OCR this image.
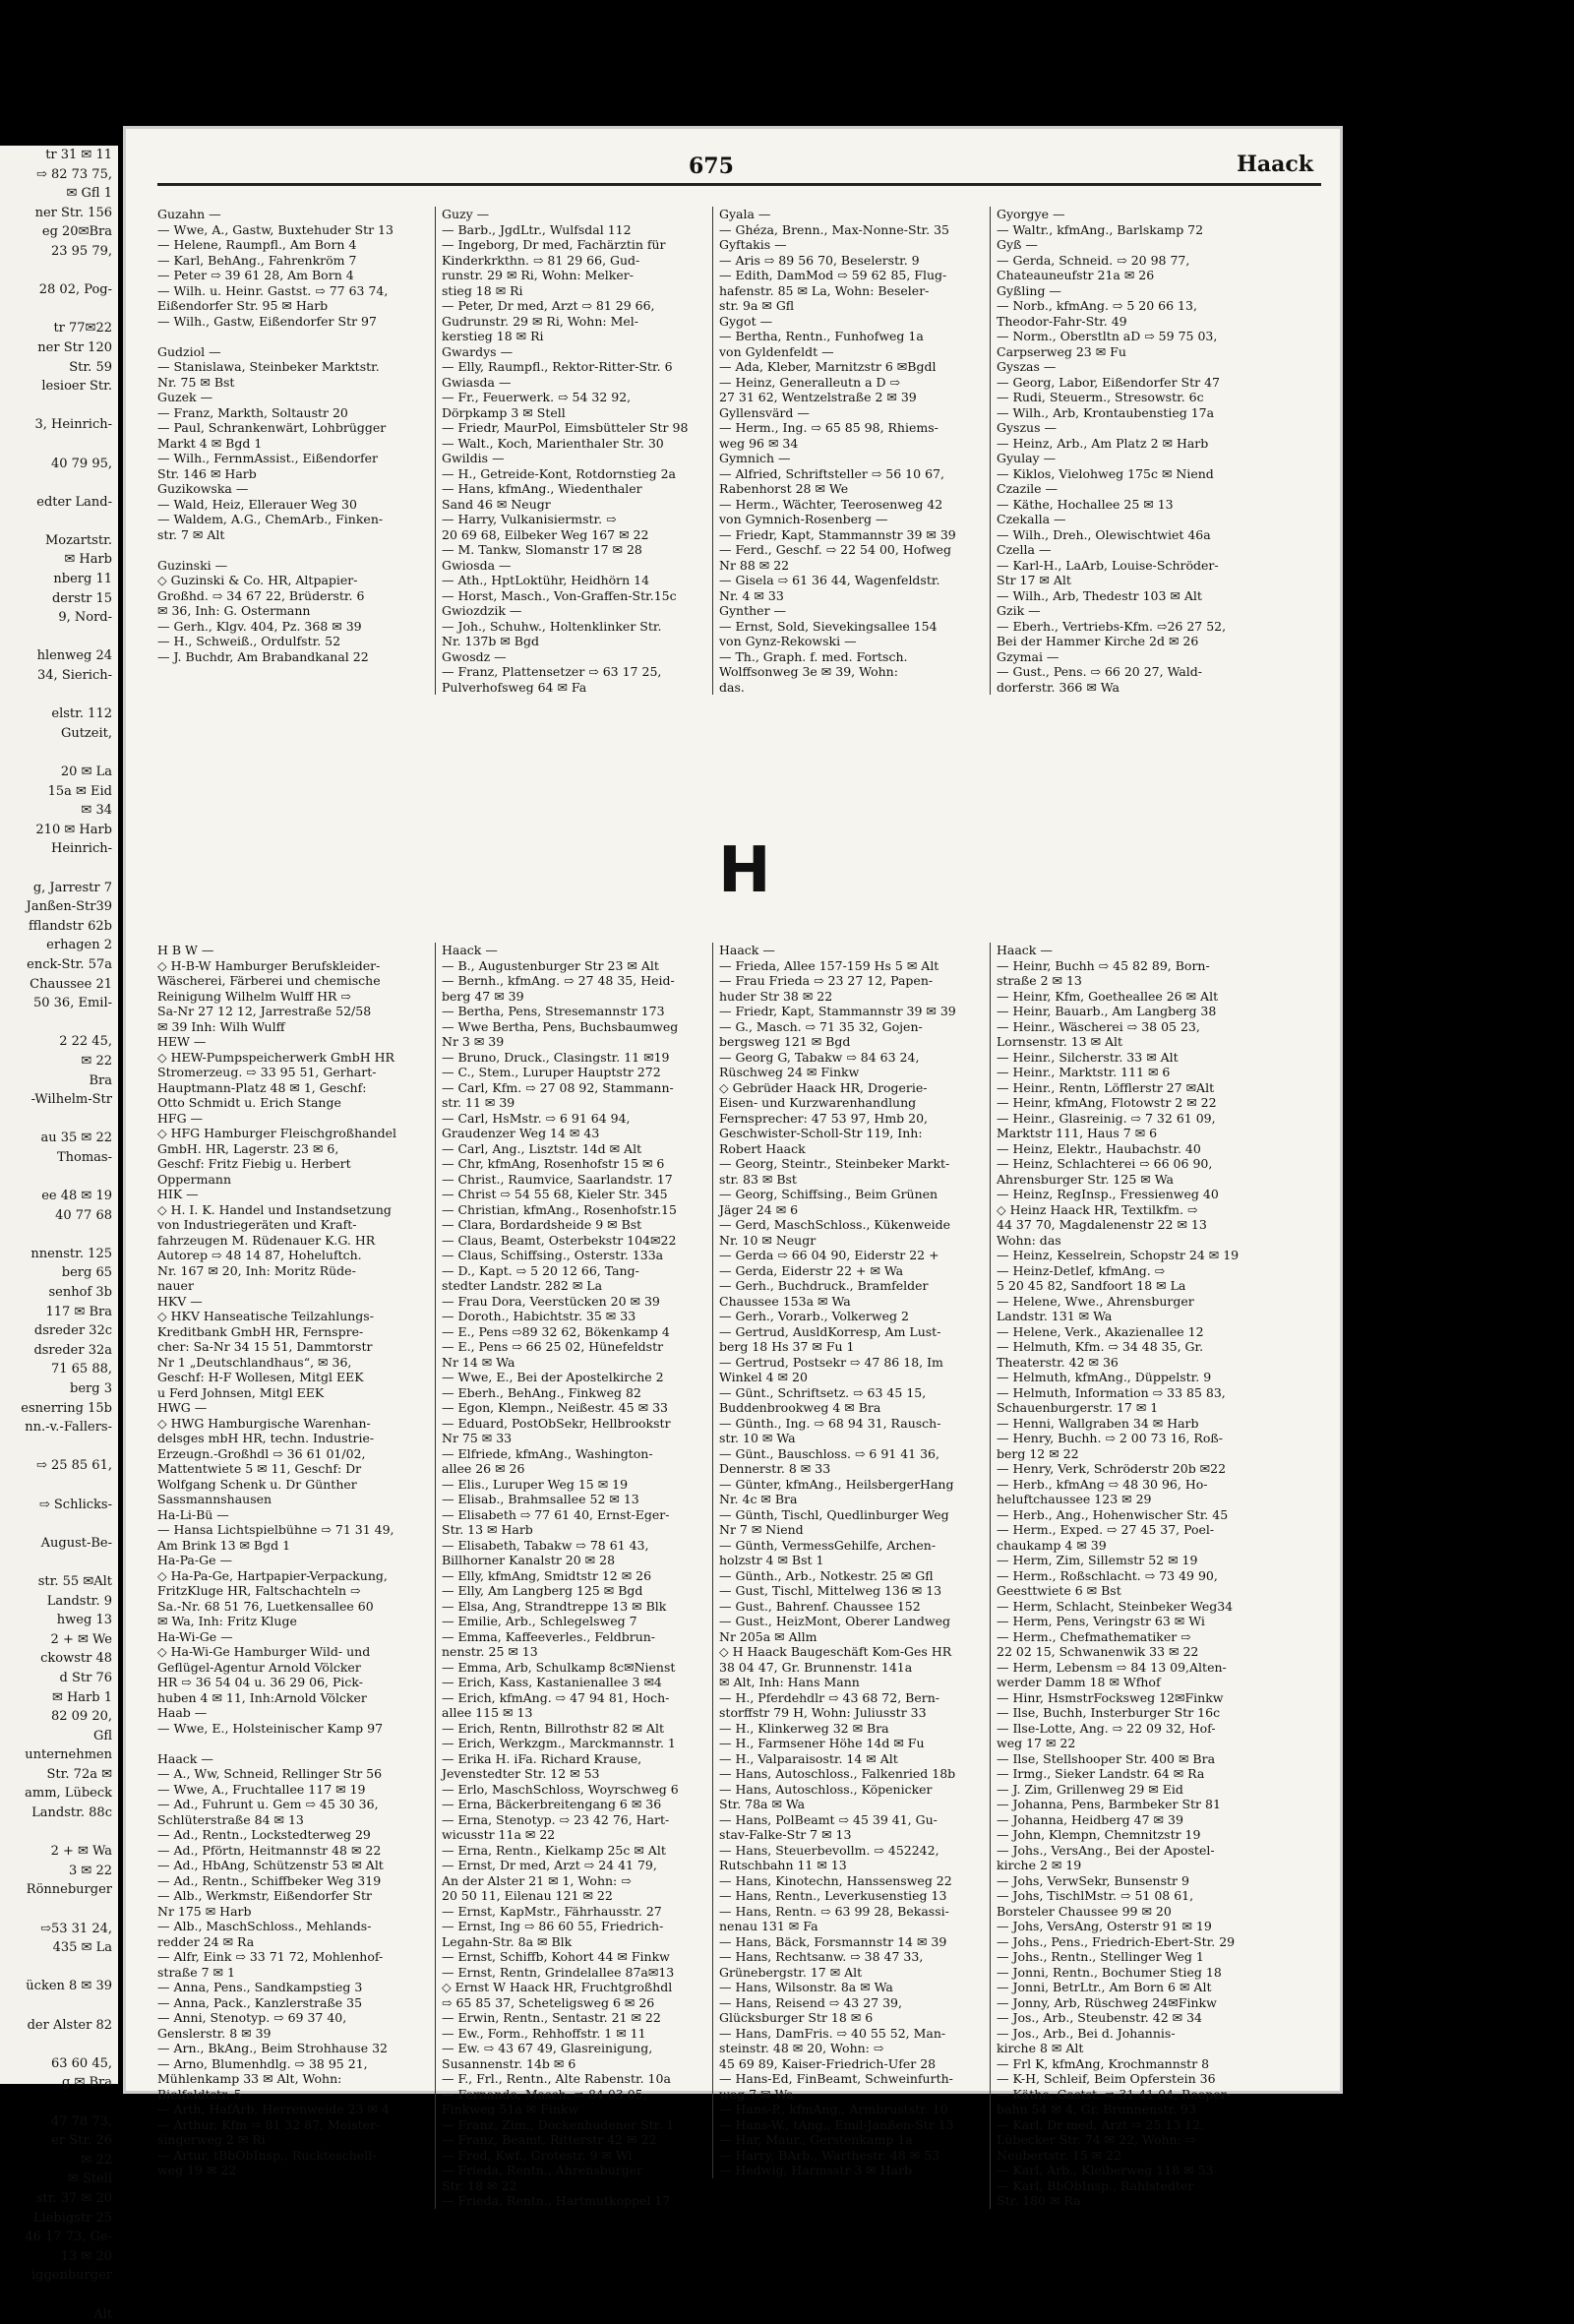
tr 31 ✉ 11
⇨ 82 73 75,
✉ Gfl 1
ner Str. 156
eg 20✉Bra
23 95 79,

28 02, Pog-

tr 77✉22
ner Str 120
Str. 59
lesioer Str.

3, Heinrich-

40 79 95,

edter Land-

Mozartstr.
✉ Harb
nberg 11
derstr 15
9, Nord-

hlenweg 24
34, Sierich-

elstr. 112
Gutzeit,

20 ✉ La
15a ✉ Eid
✉ 34
210 ✉ Harb
Heinrich-

g, Jarrestr 7
Janßen-Str39
fflandstr 62b
erhagen 2
enck-Str. 57a
Chaussee 21
50 36, Emil-

2 22 45,
✉ 22
Bra
-Wilhelm-Str

au 35 ✉ 22
Thomas-

ee 48 ✉ 19
40 77 68

nnenstr. 125
berg 65
senhof 3b
117 ✉ Bra
dsreder 32c
dsreder 32a
71 65 88,
berg 3
esnerring 15b
nn.-v.-Fallers-

⇨ 25 85 61,

⇨ Schlicks-

August-Be-

str. 55 ✉Alt
Landstr. 9
hweg 13
2 + ✉ We
ckowstr 48
d Str 76
✉ Harb 1
82 09 20,
Gfl
unternehmen
Str. 72a ✉
amm, Lübeck
Landstr. 88c

2 + ✉ Wa
3 ✉ 22
Rönneburger

⇨53 31 24,
435 ✉ La

ücken 8 ✉ 39

der Alster 82

63 60 45,
g ✉ Bra

47 78 73,
er Str. 26
✉ 22
✉ Stell
str. 37 ✉ 20
Liebigstr 25
46 17 73, Ge-
13 ✉ 20
iggenburger

Alt
675	Haack
Guzahn —
— Wwe, A., Gastw, Buxtehuder Str 13
— Helene, Raumpfl., Am Born 4
— Karl, BehAng., Fahrenkröm 7
— Peter ⇨ 39 61 28, Am Born 4
— Wilh. u. Heinr. Gastst. ⇨ 77 63 74,
Eißendorfer Str. 95 ✉ Harb
— Wilh., Gastw, Eißendorfer Str 97

Gudziol —
— Stanislawa, Steinbeker Marktstr.
Nr. 75 ✉ Bst
Guzek —
— Franz, Markth, Soltaustr 20
— Paul, Schrankenwärt, Lohbrügger
Markt 4 ✉ Bgd 1
— Wilh., FernmAssist., Eißendorfer
Str. 146 ✉ Harb
Guzikowska —
— Wald, Heiz, Ellerauer Weg 30
— Waldem, A.G., ChemArb., Finken-
str. 7 ✉ Alt

Guzinski —
◇ Guzinski & Co. HR, Altpapier-
Großhd. ⇨ 34 67 22, Brüderstr. 6
✉ 36, Inh: G. Ostermann
— Gerh., Klgv. 404, Pz. 368 ✉ 39
— H., Schweiß., Ordulfstr. 52
— J. Buchdr, Am Brabandkanal 22
Guzy —
— Barb., JgdLtr., Wulfsdal 112
— Ingeborg, Dr med, Fachärztin für
Kinderkrkthn. ⇨ 81 29 66, Gud-
runstr. 29 ✉ Ri, Wohn: Melker-
stieg 18 ✉ Ri
— Peter, Dr med, Arzt ⇨ 81 29 66,
Gudrunstr. 29 ✉ Ri, Wohn: Mel-
kerstieg 18 ✉ Ri
Gwardys —
— Elly, Raumpfl., Rektor-Ritter-Str. 6
Gwiasda —
— Fr., Feuerwerk. ⇨ 54 32 92,
Dörpkamp 3 ✉ Stell
— Friedr, MaurPol, Eimsbütteler Str 98
— Walt., Koch, Marienthaler Str. 30
Gwildis —
— H., Getreide-Kont, Rotdornstieg 2a
— Hans, kfmAng., Wiedenthaler
Sand 46 ✉ Neugr
— Harry, Vulkanisiermstr. ⇨
20 69 68, Eilbeker Weg 167 ✉ 22
— M. Tankw, Slomanstr 17 ✉ 28
Gwiosda —
— Ath., HptLoktühr, Heidhörn 14
— Horst, Masch., Von-Graffen-Str.15c
Gwiozdzik —
— Joh., Schuhw., Holtenklinker Str.
Nr. 137b ✉ Bgd
Gwosdz —
— Franz, Plattensetzer ⇨ 63 17 25,
Pulverhofsweg 64 ✉ Fa
Gyala —
— Ghéza, Brenn., Max-Nonne-Str. 35
Gyftakis —
— Aris ⇨ 89 56 70, Beselerstr. 9
— Edith, DamMod ⇨ 59 62 85, Flug-
hafenstr. 85 ✉ La, Wohn: Beseler-
str. 9a ✉ Gfl
Gygot —
— Bertha, Rentn., Funhofweg 1a
von Gyldenfeldt —
— Ada, Kleber, Marnitzstr 6 ✉Bgdl
— Heinz, Generalleutn a D ⇨
27 31 62, Wentzelstraße 2 ✉ 39
Gyllensvärd —
— Herm., Ing. ⇨ 65 85 98, Rhiems-
weg 96 ✉ 34
Gymnich —
— Alfried, Schriftsteller ⇨ 56 10 67,
Rabenhorst 28 ✉ We
— Herm., Wächter, Teerosenweg 42
von Gymnich-Rosenberg —
— Friedr, Kapt, Stammannstr 39 ✉ 39
— Ferd., Geschf. ⇨ 22 54 00, Hofweg
Nr 88 ✉ 22
— Gisela ⇨ 61 36 44, Wagenfeldstr.
Nr. 4 ✉ 33
Gynther —
— Ernst, Sold, Sievekingsallee 154
von Gynz-Rekowski —
— Th., Graph. f. med. Fortsch.
Wolffsonweg 3e ✉ 39, Wohn:
das.
Gyorgye —
— Waltr., kfmAng., Barlskamp 72
Gyß —
— Gerda, Schneid. ⇨ 20 98 77,
Chateauneufstr 21a ✉ 26
Gyßling —
— Norb., kfmAng. ⇨ 5 20 66 13,
Theodor-Fahr-Str. 49
— Norm., Oberstltn aD ⇨ 59 75 03,
Carpserweg 23 ✉ Fu
Gyszas —
— Georg, Labor, Eißendorfer Str 47
— Rudi, Steuerm., Stresowstr. 6c
— Wilh., Arb, Krontaubenstieg 17a
Gyszus —
— Heinz, Arb., Am Platz 2 ✉ Harb
Gyulay —
— Kiklos, Vielohweg 175c ✉ Niend
Czazile —
— Käthe, Hochallee 25 ✉ 13
Czekalla —
— Wilh., Dreh., Olewischtwiet 46a
Czella —
— Karl-H., LaArb, Louise-Schröder-
Str 17 ✉ Alt
— Wilh., Arb, Thedestr 103 ✉ Alt
Gzik —
— Eberh., Vertriebs-Kfm. ⇨26 27 52,
Bei der Hammer Kirche 2d ✉ 26
Gzymai —
— Gust., Pens. ⇨ 66 20 27, Wald-
dorferstr. 366 ✉ Wa
H
H B W —
◇ H-B-W Hamburger Berufskleider-
Wäscherei, Färberei und chemische
Reinigung Wilhelm Wulff HR ⇨
Sa-Nr 27 12 12, Jarrestraße 52/58
✉ 39 Inh: Wilh Wulff
HEW —
◇ HEW-Pumpspeicherwerk GmbH HR
Stromerzeug. ⇨ 33 95 51, Gerhart-
Hauptmann-Platz 48 ✉ 1, Geschf:
Otto Schmidt u. Erich Stange
HFG —
◇ HFG Hamburger Fleischgroßhandel
GmbH. HR, Lagerstr. 23 ✉ 6,
Geschf: Fritz Fiebig u. Herbert
Oppermann
HIK —
◇ H. I. K. Handel und Instandsetzung
von Industriegeräten und Kraft-
fahrzeugen M. Rüdenauer K.G. HR
Autorep ⇨ 48 14 87, Hoheluftch.
Nr. 167 ✉ 20, Inh: Moritz Rüde-
nauer
HKV —
◇ HKV Hanseatische Teilzahlungs-
Kreditbank GmbH HR, Fernspre-
cher: Sa-Nr 34 15 51, Dammtorstr
Nr 1 „Deutschlandhaus“, ✉ 36,
Geschf: H-F Wollesen, Mitgl EEK
u Ferd Johnsen, Mitgl EEK
HWG —
◇ HWG Hamburgische Warenhan-
delsges mbH HR, techn. Industrie-
Erzeugn.-Großhdl ⇨ 36 61 01/02,
Mattentwiete 5 ✉ 11, Geschf: Dr
Wolfgang Schenk u. Dr Günther
Sassmannshausen
Ha-Li-Bü —
— Hansa Lichtspielbühne ⇨ 71 31 49,
Am Brink 13 ✉ Bgd 1
Ha-Pa-Ge —
◇ Ha-Pa-Ge, Hartpapier-Verpackung,
FritzKluge HR, Faltschachteln ⇨
Sa.-Nr. 68 51 76, Luetkensallee 60
✉ Wa, Inh: Fritz Kluge
Ha-Wi-Ge —
◇ Ha-Wi-Ge Hamburger Wild- und
Geflügel-Agentur Arnold Völcker
HR ⇨ 36 54 04 u. 36 29 06, Pick-
huben 4 ✉ 11, Inh:Arnold Völcker
Haab —
— Wwe, E., Holsteinischer Kamp 97

Haack —
— A., Ww, Schneid, Rellinger Str 56
— Wwe, A., Fruchtallee 117 ✉ 19
— Ad., Fuhrunt u. Gem ⇨ 45 30 36,
Schlüterstraße 84 ✉ 13
— Ad., Rentn., Lockstedterweg 29
— Ad., Pförtn, Heitmannstr 48 ✉ 22
— Ad., HbAng, Schützenstr 53 ✉ Alt
— Ad., Rentn., Schiffbeker Weg 319
— Alb., Werkmstr, Eißendorfer Str
Nr 175 ✉ Harb
— Alb., MaschSchloss., Mehlands-
redder 24 ✉ Ra
— Alfr, Eink ⇨ 33 71 72, Mohlenhof-
straße 7 ✉ 1
— Anna, Pens., Sandkampstieg 3
— Anna, Pack., Kanzlerstraße 35
— Anni, Stenotyp. ⇨ 69 37 40,
Genslerstr. 8 ✉ 39
— Arn., BkAng., Beim Strohhause 32
— Arno, Blumenhdlg. ⇨ 38 95 21,
Mühlenkamp 33 ✉ Alt, Wohn:
Bielfeldtstr. 5
— Arth, HafArb, Herrenweide 23 ✉ 4
— Arthur, Kfm ⇨ 81 32 87, Meister-
singerweg 2 ✉ Ri
— Artur, tBbObInsp., Ruckteschell-
weg 19 ✉ 22
Haack —
— B., Augustenburger Str 23 ✉ Alt
— Bernh., kfmAng. ⇨ 27 48 35, Heid-
berg 47 ✉ 39
— Bertha, Pens, Stresemannstr 173
— Wwe Bertha, Pens, Buchsbaumweg
Nr 3 ✉ 39
— Bruno, Druck., Clasingstr. 11 ✉19
— C., Stem., Luruper Hauptstr 272
— Carl, Kfm. ⇨ 27 08 92, Stammann-
str. 11 ✉ 39
— Carl, HsMstr. ⇨ 6 91 64 94,
Graudenzer Weg 14 ✉ 43
— Carl, Ang., Lisztstr. 14d ✉ Alt
— Chr, kfmAng, Rosenhofstr 15 ✉ 6
— Christ., Raumvice, Saarlandstr. 17
— Christ ⇨ 54 55 68, Kieler Str. 345
— Christian, kfmAng., Rosenhofstr.15
— Clara, Bordardsheide 9 ✉ Bst
— Claus, Beamt, Osterbekstr 104✉22
— Claus, Schiffsing., Osterstr. 133a
— D., Kapt. ⇨ 5 20 12 66, Tang-
stedter Landstr. 282 ✉ La
— Frau Dora, Veerstücken 20 ✉ 39
— Doroth., Habichtstr. 35 ✉ 33
— E., Pens ⇨89 32 62, Bökenkamp 4
— E., Pens ⇨ 66 25 02, Hünefeldstr
Nr 14 ✉ Wa
— Wwe, E., Bei der Apostelkirche 2
— Eberh., BehAng., Finkweg 82
— Egon, Klempn., Neißestr. 45 ✉ 33
— Eduard, PostObSekr, Hellbrookstr
Nr 75 ✉ 33
— Elfriede, kfmAng., Washington-
allee 26 ✉ 26
— Elis., Luruper Weg 15 ✉ 19
— Elisab., Brahmsallee 52 ✉ 13
— Elisabeth ⇨ 77 61 40, Ernst-Eger-
Str. 13 ✉ Harb
— Elisabeth, Tabakw ⇨ 78 61 43,
Billhorner Kanalstr 20 ✉ 28
— Elly, kfmAng, Smidtstr 12 ✉ 26
— Elly, Am Langberg 125 ✉ Bgd
— Elsa, Ang, Strandtreppe 13 ✉ Blk
— Emilie, Arb., Schlegelsweg 7
— Emma, Kaffeeverles., Feldbrun-
nenstr. 25 ✉ 13
— Emma, Arb, Schulkamp 8c✉Nienst
— Erich, Kass, Kastanienallee 3 ✉4
— Erich, kfmAng. ⇨ 47 94 81, Hoch-
allee 115 ✉ 13
— Erich, Rentn, Billrothstr 82 ✉ Alt
— Erich, Werkzgm., Marckmannstr. 1
— Erika H. iFa. Richard Krause,
Jevenstedter Str. 12 ✉ 53
— Erlo, MaschSchloss, Woyrschweg 6
— Erna, Bäckerbreitengang 6 ✉ 36
— Erna, Stenotyp. ⇨ 23 42 76, Hart-
wicusstr 11a ✉ 22
— Erna, Rentn., Kielkamp 25c ✉ Alt
— Ernst, Dr med, Arzt ⇨ 24 41 79,
An der Alster 21 ✉ 1, Wohn: ⇨
20 50 11, Eilenau 121 ✉ 22
— Ernst, KapMstr., Fährhausstr. 27
— Ernst, Ing ⇨ 86 60 55, Friedrich-
Legahn-Str. 8a ✉ Blk
— Ernst, Schiffb, Kohort 44 ✉ Finkw
— Ernst, Rentn, Grindelallee 87a✉13
◇ Ernst W Haack HR, Fruchtgroßhdl
⇨ 65 85 37, Scheteligsweg 6 ✉ 26
— Erwin, Rentn., Sentastr. 21 ✉ 22
— Ew., Form., Rehhoffstr. 1 ✉ 11
— Ew. ⇨ 43 67 49, Glasreinigung,
Susannenstr. 14b ✉ 6
— F., Frl., Rentn., Alte Rabenstr. 10a
— Fernando, Masch. ⇨ 84 03 05,
Finkweg 51a ✉ Finkw
— Franz, Zim., Dockenhudener Str. 1
— Franz, Beamt, Ritterstr 42 ✉ 22
— Fred, Kwf., Grotestr. 9 ✉ Wi
— Frieda, Rentn., Ahrensburger
Str. 18 ✉ 22
— Frieda, Rentn., Hartmutkoppel 17
Haack —
— Frieda, Allee 157-159 Hs 5 ✉ Alt
— Frau Frieda ⇨ 23 27 12, Papen-
huder Str 38 ✉ 22
— Friedr, Kapt, Stammannstr 39 ✉ 39
— G., Masch. ⇨ 71 35 32, Gojen-
bergsweg 121 ✉ Bgd
— Georg G, Tabakw ⇨ 84 63 24,
Rüschweg 24 ✉ Finkw
◇ Gebrüder Haack HR, Drogerie-
Eisen- und Kurzwarenhandlung
Fernsprecher: 47 53 97, Hmb 20,
Geschwister-Scholl-Str 119, Inh:
Robert Haack
— Georg, Steintr., Steinbeker Markt-
str. 83 ✉ Bst
— Georg, Schiffsing., Beim Grünen
Jäger 24 ✉ 6
— Gerd, MaschSchloss., Kükenweide
Nr. 10 ✉ Neugr
— Gerda ⇨ 66 04 90, Eiderstr 22 +
— Gerda, Eiderstr 22 + ✉ Wa
— Gerh., Buchdruck., Bramfelder
Chaussee 153a ✉ Wa
— Gerh., Vorarb., Volkerweg 2
— Gertrud, AusldKorresp, Am Lust-
berg 18 Hs 37 ✉ Fu 1
— Gertrud, Postsekr ⇨ 47 86 18, Im
Winkel 4 ✉ 20
— Günt., Schriftsetz. ⇨ 63 45 15,
Buddenbrookweg 4 ✉ Bra
— Günth., Ing. ⇨ 68 94 31, Rausch-
str. 10 ✉ Wa
— Günt., Bauschloss. ⇨ 6 91 41 36,
Dennerstr. 8 ✉ 33
— Günter, kfmAng., HeilsbergerHang
Nr. 4c ✉ Bra
— Günth, Tischl, Quedlinburger Weg
Nr 7 ✉ Niend
— Günth, VermessGehilfe, Archen-
holzstr 4 ✉ Bst 1
— Günth., Arb., Notkestr. 25 ✉ Gfl
— Gust, Tischl, Mittelweg 136 ✉ 13
— Gust., Bahrenf. Chaussee 152
— Gust., HeizMont, Oberer Landweg
Nr 205a ✉ Allm
◇ H Haack Baugeschäft Kom-Ges HR
38 04 47, Gr. Brunnenstr. 141a
✉ Alt, Inh: Hans Mann
— H., Pferdehdlr ⇨ 43 68 72, Bern-
storffstr 79 H, Wohn: Juliusstr 33
— H., Klinkerweg 32 ✉ Bra
— H., Farmsener Höhe 14d ✉ Fu
— H., Valparaisostr. 14 ✉ Alt
— Hans, Autoschloss., Falkenried 18b
— Hans, Autoschloss., Köpenicker
Str. 78a ✉ Wa
— Hans, PolBeamt ⇨ 45 39 41, Gu-
stav-Falke-Str 7 ✉ 13
— Hans, Steuerbevollm. ⇨ 452242,
Rutschbahn 11 ✉ 13
— Hans, Kinotechn, Hanssensweg 22
— Hans, Rentn., Leverkusenstieg 13
— Hans, Rentn. ⇨ 63 99 28, Bekassi-
nenau 131 ✉ Fa
— Hans, Bäck, Forsmannstr 14 ✉ 39
— Hans, Rechtsanw. ⇨ 38 47 33,
Grünebergstr. 17 ✉ Alt
— Hans, Wilsonstr. 8a ✉ Wa
— Hans, Reisend ⇨ 43 27 39,
Glücksburger Str 18 ✉ 6
— Hans, DamFris. ⇨ 40 55 52, Man-
steinstr. 48 ✉ 20, Wohn: ⇨
45 69 89, Kaiser-Friedrich-Ufer 28
— Hans-Ed, FinBeamt, Schweinfurth-
weg 7 ✉ Wa
— Hans-P., kfmAng., Armbruststr. 10
— Hans-W., tAng., Emil-Janßen-Str 13
— Har, Maur., Gerstenkamp 1a
— Harry, BArb., Warthestr. 48 ✉ 53
— Hedwig, Harmsstr 3 ✉ Harb
Haack —
— Heinr, Buchh ⇨ 45 82 89, Born-
straße 2 ✉ 13
— Heinr, Kfm, Goetheallee 26 ✉ Alt
— Heinr, Bauarb., Am Langberg 38
— Heinr., Wäscherei ⇨ 38 05 23,
Lornsenstr. 13 ✉ Alt
— Heinr., Silcherstr. 33 ✉ Alt
— Heinr., Marktstr. 111 ✉ 6
— Heinr., Rentn, Löfflerstr 27 ✉Alt
— Heinr, kfmAng, Flotowstr 2 ✉ 22
— Heinr., Glasreinig. ⇨ 7 32 61 09,
Marktstr 111, Haus 7 ✉ 6
— Heinz, Elektr., Haubachstr. 40
— Heinz, Schlachterei ⇨ 66 06 90,
Ahrensburger Str. 125 ✉ Wa
— Heinz, RegInsp., Fressienweg 40
◇ Heinz Haack HR, Textilkfm. ⇨
44 37 70, Magdalenenstr 22 ✉ 13
Wohn: das
— Heinz, Kesselrein, Schopstr 24 ✉ 19
— Heinz-Detlef, kfmAng. ⇨
5 20 45 82, Sandfoort 18 ✉ La
— Helene, Wwe., Ahrensburger
Landstr. 131 ✉ Wa
— Helene, Verk., Akazienallee 12
— Helmuth, Kfm. ⇨ 34 48 35, Gr.
Theaterstr. 42 ✉ 36
— Helmuth, kfmAng., Düppelstr. 9
— Helmuth, Information ⇨ 33 85 83,
Schauenburgerstr. 17 ✉ 1
— Henni, Wallgraben 34 ✉ Harb
— Henry, Buchh. ⇨ 2 00 73 16, Roß-
berg 12 ✉ 22
— Henry, Verk, Schröderstr 20b ✉22
— Herb., kfmAng ⇨ 48 30 96, Ho-
heluftchaussee 123 ✉ 29
— Herb., Ang., Hohenwischer Str. 45
— Herm., Exped. ⇨ 27 45 37, Poel-
chaukamp 4 ✉ 39
— Herm, Zim, Sillemstr 52 ✉ 19
— Herm., Roßschlacht. ⇨ 73 49 90,
Geesttwiete 6 ✉ Bst
— Herm, Schlacht, Steinbeker Weg34
— Herm, Pens, Veringstr 63 ✉ Wi
— Herm., Chefmathematiker ⇨
22 02 15, Schwanenwik 33 ✉ 22
— Herm, Lebensm ⇨ 84 13 09,Alten-
werder Damm 18 ✉ Wfhof
— Hinr, HsmstrFocksweg 12✉Finkw
— Ilse, Buchh, Insterburger Str 16c
— Ilse-Lotte, Ang. ⇨ 22 09 32, Hof-
weg 17 ✉ 22
— Ilse, Stellshooper Str. 400 ✉ Bra
— Irmg., Sieker Landstr. 64 ✉ Ra
— J. Zim, Grillenweg 29 ✉ Eid
— Johanna, Pens, Barmbeker Str 81
— Johanna, Heidberg 47 ✉ 39
— John, Klempn, Chemnitzstr 19
— Johs., VersAng., Bei der Apostel-
kirche 2 ✉ 19
— Johs, VerwSekr, Bunsenstr 9
— Johs, TischlMstr. ⇨ 51 08 61,
Borsteler Chaussee 99 ✉ 20
— Johs, VersAng, Osterstr 91 ✉ 19
— Johs., Pens., Friedrich-Ebert-Str. 29
— Johs., Rentn., Stellinger Weg 1
— Jonni, Rentn., Bochumer Stieg 18
— Jonni, BetrLtr., Am Born 6 ✉ Alt
— Jonny, Arb, Rüschweg 24✉Finkw
— Jos., Arb., Steubenstr. 42 ✉ 34
— Jos., Arb., Bei d. Johannis-
kirche 8 ✉ Alt
— Frl K, kfmAng, Krochmannstr 8
— K-H, Schleif, Beim Opferstein 36
— Käthe, Gastst. ⇨ 31 41 04, Reeper-
bahn 54 ✉ 4, Gr. Brunnenstr. 93
— Karl, Dr med, Arzt ⇨ 25 13 12,
Lübecker Str. 74 ✉ 22, Wohn: ⇨
Neubertstr. 15 ✉ 22
— Karl, Arb., Kleiberweg 118 ✉ 53
— Karl, BbObInsp., Rahlstedter
Str. 180 ✉ Ra
